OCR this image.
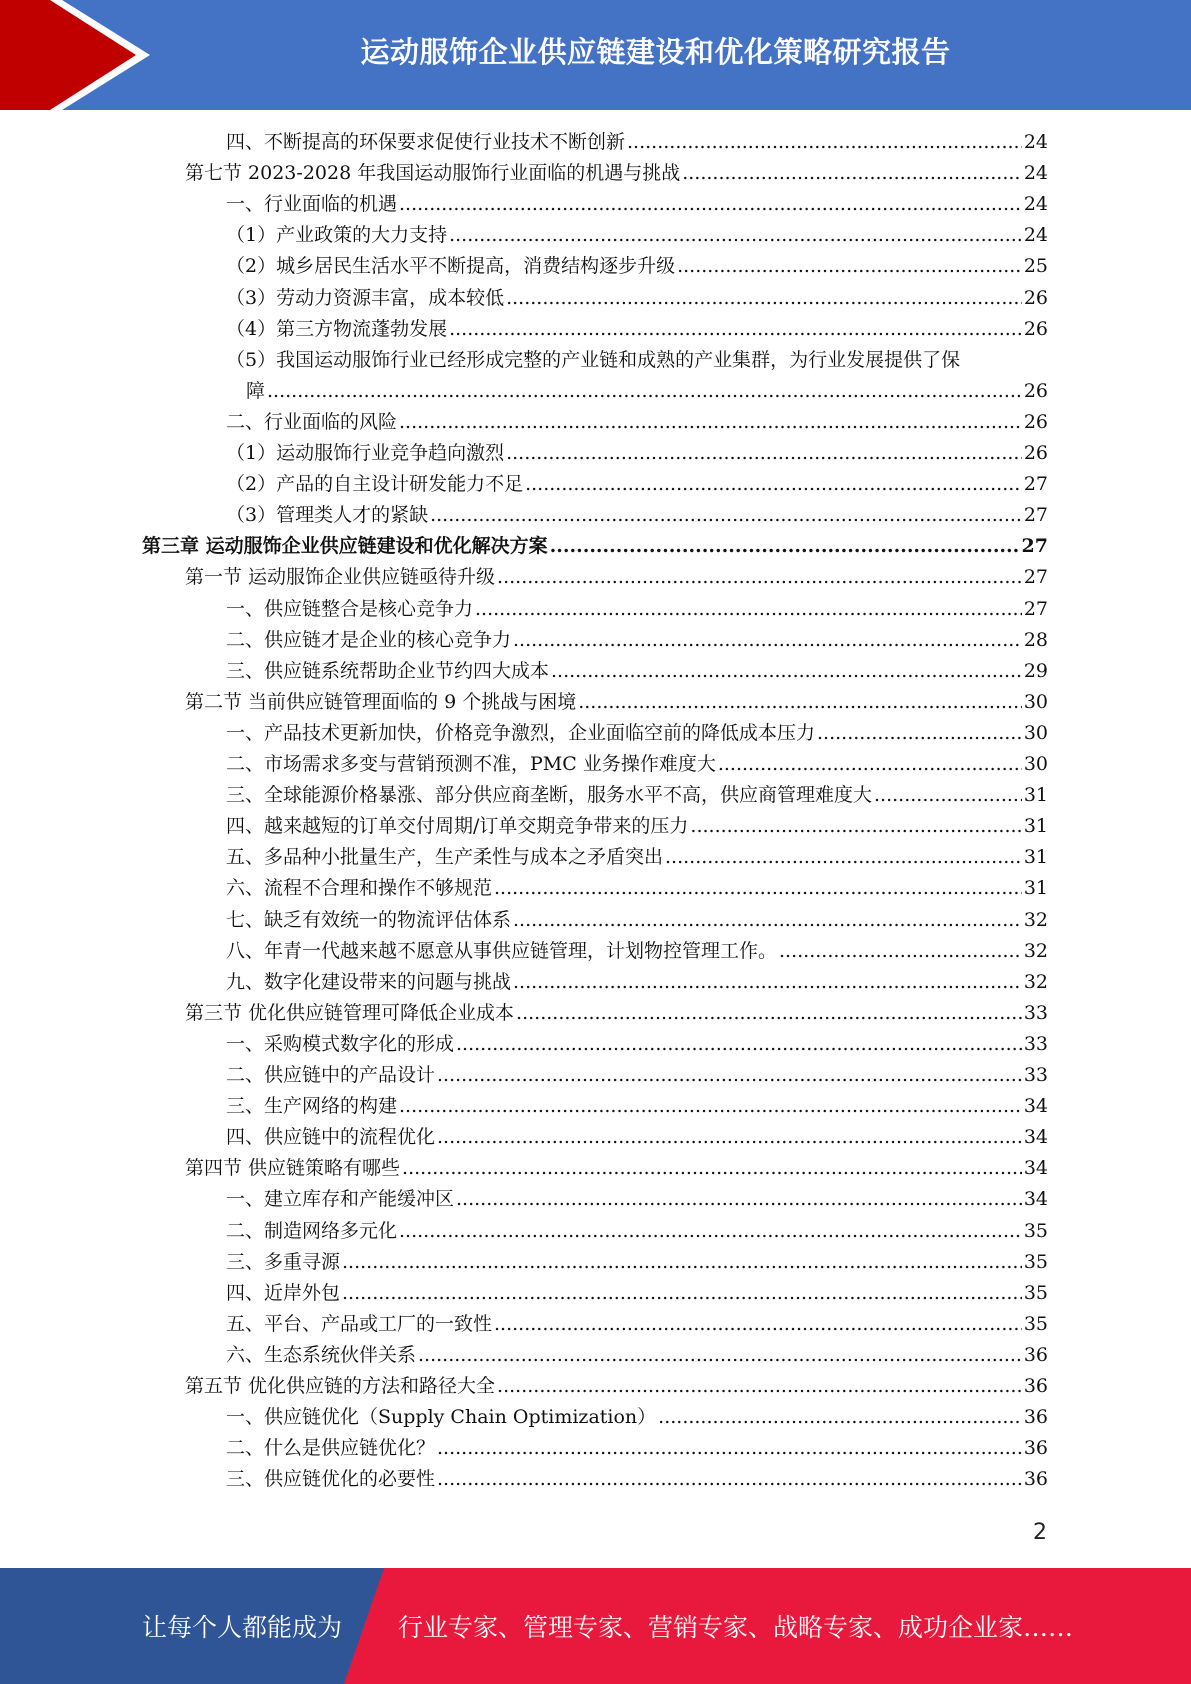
运动服饰企业供应链建设和优化策略研究报告
四、不断提高的环保要求促使行业技术不断创新 .....	24
第七节 2023-2028 年我国运动服饰行业面临的机遇与挑战 .....	24
一、行业面临的机遇 .....	24
（1）产业政策的大力支持 .....	24
（2）城乡居民生活水平不断提高，消费结构逐步升级 .....	25
（3）劳动力资源丰富，成本较低 .....	26
（4）第三方物流蓬勃发展 .....	26
（5）我国运动服饰行业已经形成完整的产业链和成熟的产业集群，为行业发展提供了保
障 .....	26
二、行业面临的风险 .....	26
（1）运动服饰行业竞争趋向激烈 .....	26
（2）产品的自主设计研发能力不足 .....	27
（3）管理类人才的紧缺 .....	27
第三章 运动服饰企业供应链建设和优化解决方案 .....	27
第一节 运动服饰企业供应链亟待升级 .....	27
一、供应链整合是核心竞争力 .....	27
二、供应链才是企业的核心竞争力 .....	28
三、供应链系统帮助企业节约四大成本 .....	29
第二节 当前供应链管理面临的 9 个挑战与困境 .....	30
一、产品技术更新加快，价格竞争激烈，企业面临空前的降低成本压力 .....	30
二、市场需求多变与营销预测不准，PMC 业务操作难度大 .....	30
三、全球能源价格暴涨、部分供应商垄断，服务水平不高，供应商管理难度大 .....	31
四、越来越短的订单交付周期/订单交期竞争带来的压力 .....	31
五、多品种小批量生产，生产柔性与成本之矛盾突出 .....	31
六、流程不合理和操作不够规范 .....	31
七、缺乏有效统一的物流评估体系 .....	32
八、年青一代越来越不愿意从事供应链管理，计划物控管理工作。 .....	32
九、数字化建设带来的问题与挑战 .....	32
第三节 优化供应链管理可降低企业成本 .....	33
一、采购模式数字化的形成 .....	33
二、供应链中的产品设计 .....	33
三、生产网络的构建 .....	34
四、供应链中的流程优化 .....	34
第四节 供应链策略有哪些 .....	34
一、建立库存和产能缓冲区 .....	34
二、制造网络多元化 .....	35
三、多重寻源 .....	35
四、近岸外包 .....	35
五、平台、产品或工厂的一致性 .....	35
六、生态系统伙伴关系 .....	36
第五节 优化供应链的方法和路径大全 .....	36
一、供应链优化（Supply Chain Optimization） .....	36
二、什么是供应链优化？ .....	36
三、供应链优化的必要性 .....	36
2
让每个人都能成为 行业专家、管理专家、营销专家、战略专家、成功企业家……
